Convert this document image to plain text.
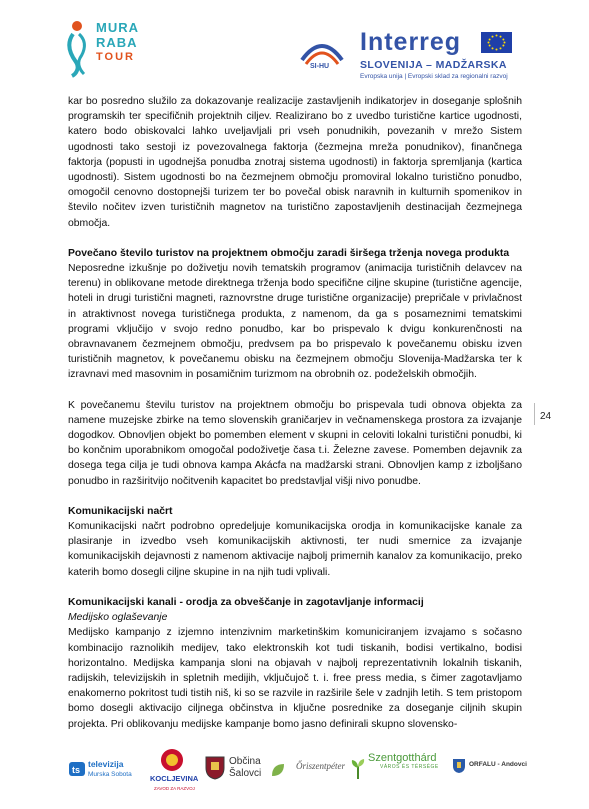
MURA
RABA
TOUR
SI-HU
Interreg
SLOVENIJA – MADŽARSKA
Evropska unija | Evropski sklad za regionalni razvoj

kar bo posredno služilo za dokazovanje realizacije zastavljenih indikatorjev in doseganje splošnih programskih ter specifičnih projektnih ciljev. Realizirano bo z uvedbo turistične kartice ugodnosti, katero bodo obiskovalci lahko uveljavljali pri vseh ponudnikih, povezanih v mrežo Sistem ugodnosti tako sestoji iz povezovalnega faktorja (čezmejna mreža ponudnikov), finančnega faktorja (popusti in ugodnejša ponudba znotraj sistema ugodnosti) in faktorja spremljanja (kartica ugodnosti). Sistem ugodnosti bo na čezmejnem območju promoviral lokalno turistično ponudbo, omogočil cenovno dostopnejši turizem ter bo povečal obisk naravnih in kulturnih spomenikov in število nočitev izven turističnih magnetov na turistično zapostavljenih destinacijah čezmejnega območja.

Povečano število turistov na projektnem območju zaradi širšega trženja novega produkta

Neposredne izkušnje po doživetju novih tematskih programov (animacija turističnih delavcev na terenu) in oblikovane metode direktnega trženja bodo specifične ciljne skupine (turistične agencije, hoteli in drugi turistični magneti, raznovrstne druge turistične organizacije) prepričale v privlačnost in atraktivnost novega turističnega produkta, z namenom, da ga s posameznimi tematskimi programi vključijo v svojo redno ponudbo, kar bo prispevalo k dvigu konkurenčnosti na obravnavanem čezmejnem območju, predvsem pa bo prispevalo k povečanemu obisku izven turističnih magnetov, k povečanemu obisku na čezmejnem območju Slovenija-Madžarska ter k izravnavi med masovnim in posamičnim turizmom na obrobnih oz. podeželskih območjih.

K povečanemu številu turistov na projektnem območju bo prispevala tudi obnova objekta za namene muzejske zbirke na temo slovenskih graničarjev in večnamenskega prostora za izvajanje dogodkov. Obnovljen objekt bo pomemben element v skupni in celoviti lokalni turistični ponudbi, ki bo končnim uporabnikom omogočal podoživetje časa t.i. Železne zavese. Pomemben dejavnik za dosega tega cilja je tudi obnova kampa Akácfa na madžarski strani. Obnovljen kamp z izboljšano ponudbo in razširitvijo nočitvenih kapacitet bo predstavljal višji nivo ponudbe.

Komunikacijski načrt

Komunikacijski načrt podrobno opredeljuje komunikacijska orodja in komunikacijske kanale za plasiranje in izvedbo vseh komunikacijskih aktivnosti, ter nudi smernice za izvajanje komunikacijskih dejavnosti z namenom aktivacije najbolj primernih kanalov za komunikacijo, preko katerih bomo dosegli ciljne skupine in na njih tudi vplivali.

Komunikacijski kanali - orodja za obveščanje in zagotavljanje informacij

Medijsko oglaševanje

Medijsko kampanjo z izjemno intenzivnim marketinškim komuniciranjem izvajamo s sočasno kombinacijo raznolikih medijev, tako elektronskih kot tudi tiskanih, bodisi vertikalno, bodisi horizontalno. Medijska kampanja sloni na objavah v najbolj reprezentativnih lokalnih tiskanih, radijskih, televizijskih in spletnih medijih, vključujoč t. i. free press media, s čimer zagotavljamo enakomerno pokritost tudi tistih niš, ki so se razvile in razširile šele v zadnjih letih. S tem pristopom bomo dosegli aktivacijo ciljnega občinstva in ključne posrednike za doseganje ciljnih skupin projekta. Pri oblikovanju medijske kampanje bomo jasno definirali skupno slovensko-

24
ts
televizija
Murska Sobota KOCLJEVINA
ZAVOD ZA RAZVOJ
Občina
Šalovci
Őriszentpéter
Szentgotthárd
VÁROS ÉS TÉRSÉGE	ORFALU - Andovci
